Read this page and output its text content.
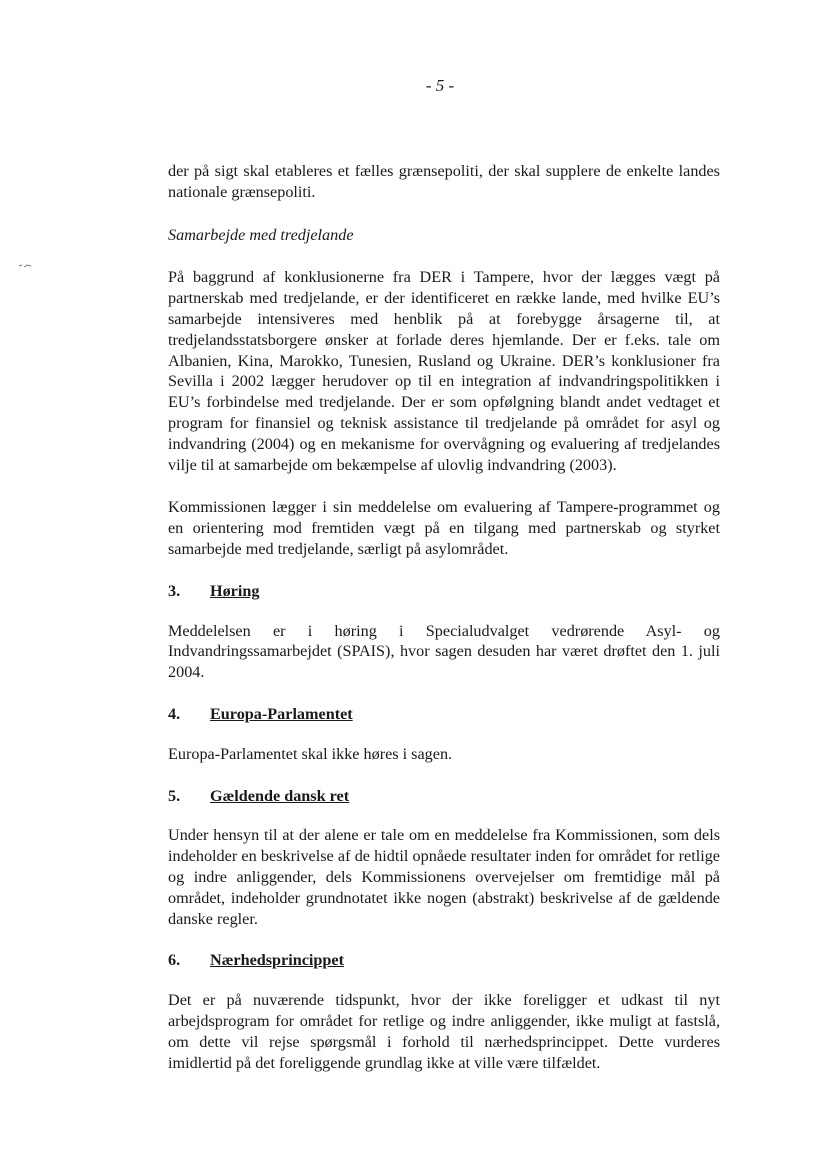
- 5 -

der på sigt skal etableres et fælles grænsepoliti, der skal supplere de enkelte landes nationale grænsepoliti.

Samarbejde med tredjelande

På baggrund af konklusionerne fra DER i Tampere, hvor der lægges vægt på partnerskab med tredjelande, er der identificeret en række lande, med hvilke EU’s samarbejde intensiveres med henblik på at forebygge årsagerne til, at tredjelandsstatsborgere ønsker at forlade deres hjemlande. Der er f.eks. tale om Albanien, Kina, Marokko, Tunesien, Rusland og Ukraine. DER’s konklusioner fra Sevilla i 2002 lægger herudover op til en integration af indvandringspolitikken i EU’s forbindelse med tredjelande. Der er som opfølgning blandt andet vedtaget et program for finansiel og teknisk assistance til tredjelande på området for asyl og indvandring (2004) og en mekanisme for overvågning og evaluering af tredjelandes vilje til at samarbejde om bekæmpelse af ulovlig indvandring (2003).

Kommissionen lægger i sin meddelelse om evaluering af Tampere-programmet og en orientering mod fremtiden vægt på en tilgang med partnerskab og styrket samarbejde med tredjelande, særligt på asylområdet.

3.	Høring

Meddelelsen er i høring i Specialudvalget vedrørende Asyl- og Indvandringssamarbejdet (SPAIS), hvor sagen desuden har været drøftet den 1. juli 2004.

4.	Europa-Parlamentet

Europa-Parlamentet skal ikke høres i sagen.

5.	Gældende dansk ret

Under hensyn til at der alene er tale om en meddelelse fra Kommissionen, som dels indeholder en beskrivelse af de hidtil opnåede resultater inden for området for retlige og indre anliggender, dels Kommissionens overvejelser om fremtidige mål på området, indeholder grundnotatet ikke nogen (abstrakt) beskrivelse af de gældende danske regler.

6.	Nærhedsprincippet

Det er på nuværende tidspunkt, hvor der ikke foreligger et udkast til nyt arbejdsprogram for området for retlige og indre anliggender, ikke muligt at fastslå, om dette vil rejse spørgsmål i forhold til nærhedsprincippet. Dette vurderes imidlertid på det foreliggende grundlag ikke at ville være tilfældet.
